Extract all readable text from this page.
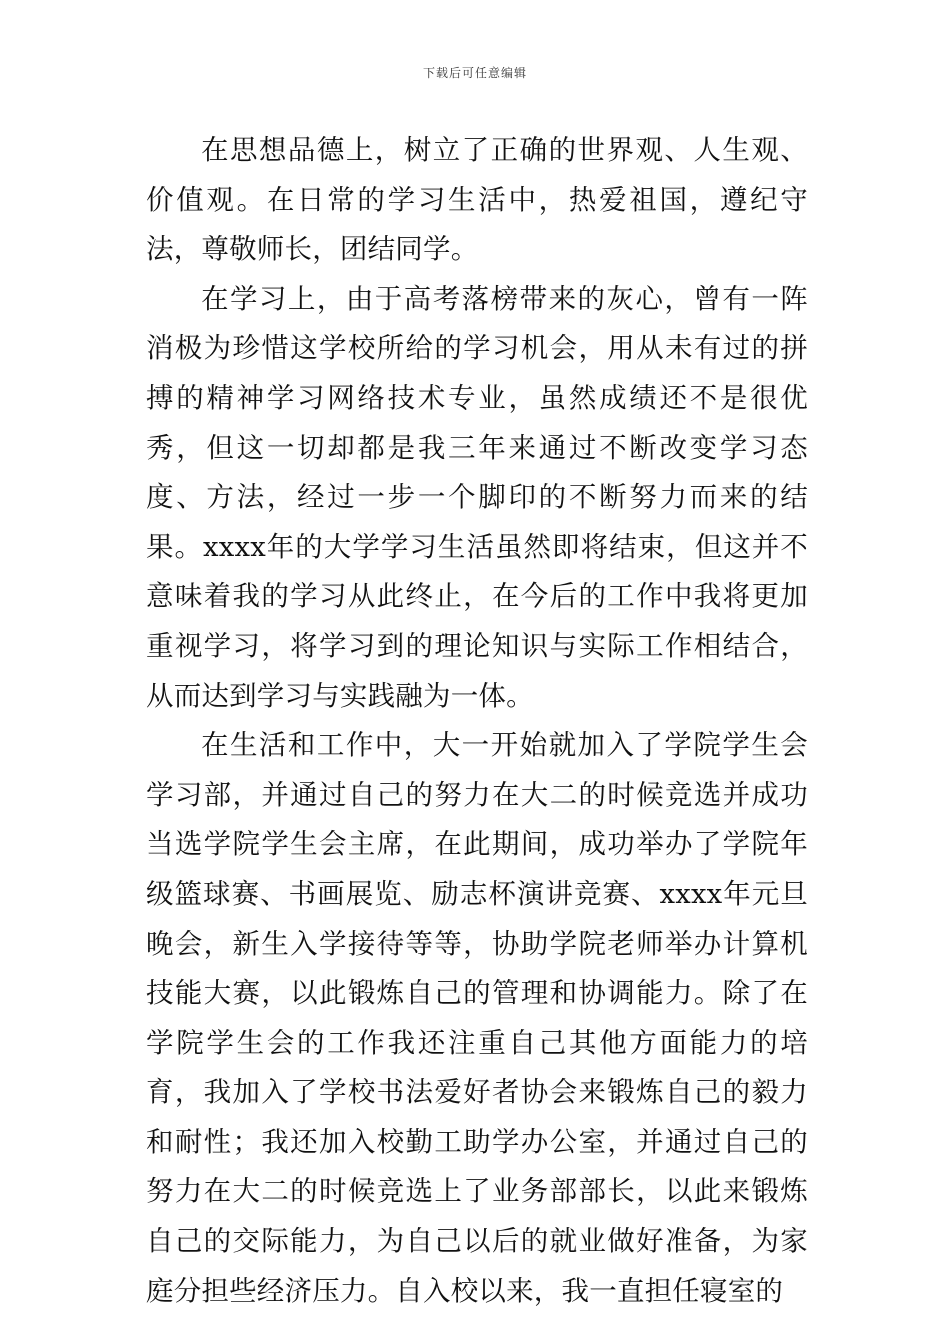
下载后可任意编辑

在思想品德上，树立了正确的世界观、人生观、价值观。在日常的学习生活中，热爱祖国，遵纪守法，尊敬师长，团结同学。

在学习上，由于高考落榜带来的灰心，曾有一阵消极为珍惜这学校所给的学习机会，用从未有过的拼搏的精神学习网络技术专业，虽然成绩还不是很优秀，但这一切却都是我三年来通过不断改变学习态度、方法，经过一步一个脚印的不断努力而来的结果。xxxx年的大学学习生活虽然即将结束，但这并不意味着我的学习从此终止，在今后的工作中我将更加重视学习，将学习到的理论知识与实际工作相结合，从而达到学习与实践融为一体。

在生活和工作中，大一开始就加入了学院学生会学习部，并通过自己的努力在大二的时候竞选并成功当选学院学生会主席，在此期间，成功举办了学院年级篮球赛、书画展览、励志杯演讲竞赛、xxxx年元旦晚会，新生入学接待等等，协助学院老师举办计算机技能大赛，以此锻炼自己的管理和协调能力。除了在学院学生会的工作我还注重自己其他方面能力的培育，我加入了学校书法爱好者协会来锻炼自己的毅力和耐性；我还加入校勤工助学办公室，并通过自己的努力在大二的时候竞选上了业务部部长，以此来锻炼自己的交际能力，为自己以后的就业做好准备，为家庭分担些经济压力。自入校以来，我一直担任寝室的
